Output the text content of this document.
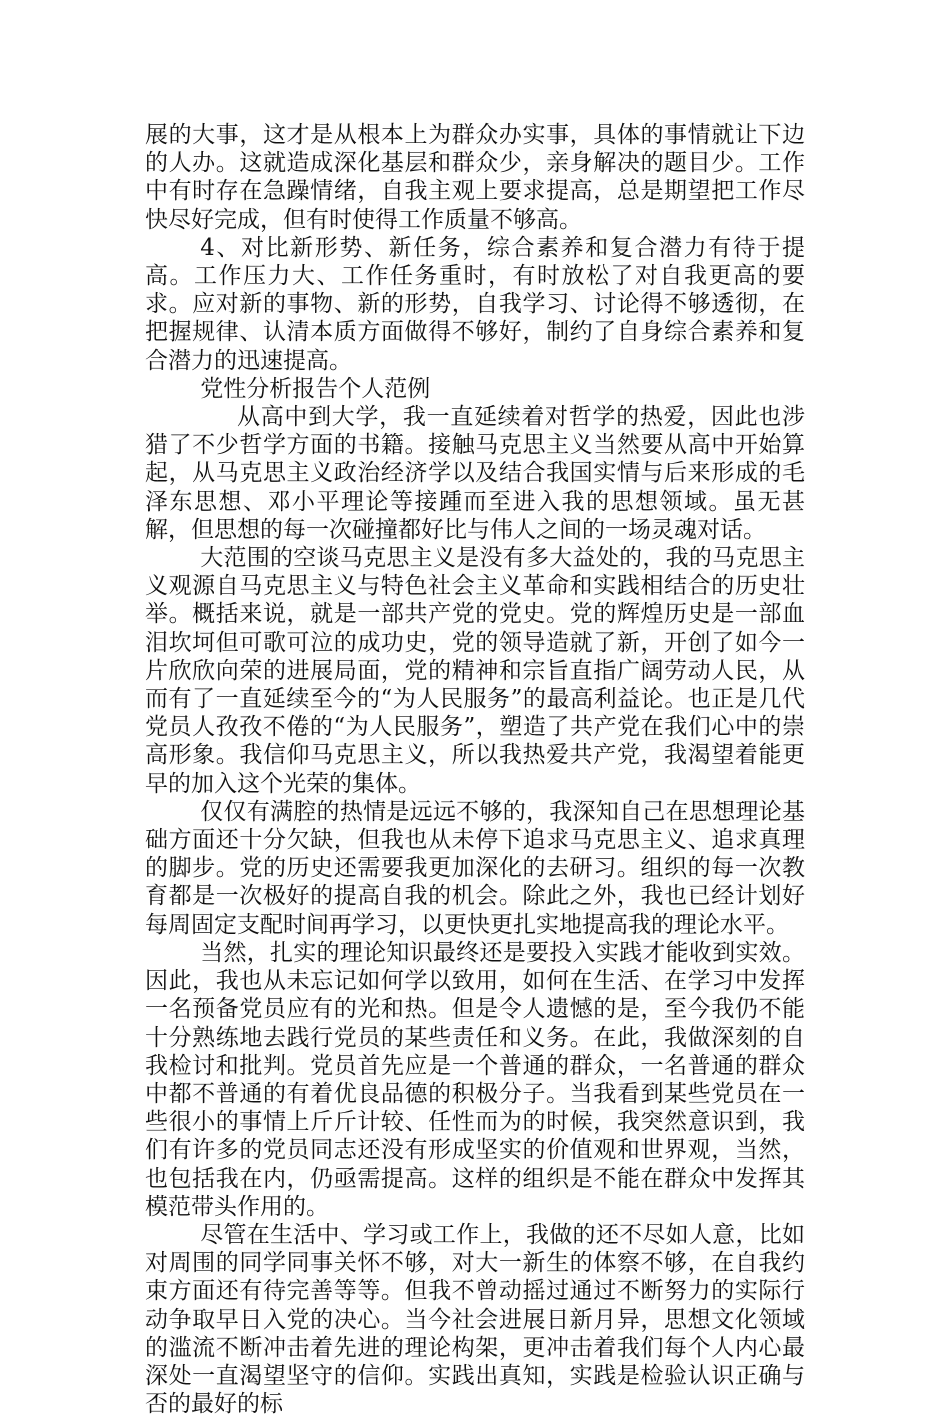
展的大事，这才是从根本上为群众办实事，具体的事情就让下边的人办。这就造成深化基层和群众少，亲身解决的题目少。工作中有时存在急躁情绪，自我主观上要求提高，总是期望把工作尽快尽好完成，但有时使得工作质量不够高。

4、对比新形势、新任务，综合素养和复合潜力有待于提高。工作压力大、工作任务重时，有时放松了对自我更高的要求。应对新的事物、新的形势，自我学习、讨论得不够透彻，在把握规律、认清本质方面做得不够好，制约了自身综合素养和复合潜力的迅速提高。

党性分析报告个人范例

从高中到大学，我一直延续着对哲学的热爱，因此也涉猎了不少哲学方面的书籍。接触马克思主义当然要从高中开始算起，从马克思主义政治经济学以及结合我国实情与后来形成的毛泽东思想、邓小平理论等接踵而至进入我的思想领域。虽无甚解，但思想的每一次碰撞都好比与伟人之间的一场灵魂对话。

大范围的空谈马克思主义是没有多大益处的，我的马克思主义观源自马克思主义与特色社会主义革命和实践相结合的历史壮举。概括来说，就是一部共产党的党史。党的辉煌历史是一部血泪坎坷但可歌可泣的成功史，党的领导造就了新，开创了如今一片欣欣向荣的进展局面，党的精神和宗旨直指广阔劳动人民，从而有了一直延续至今的“为人民服务”的最高利益论。也正是几代党员人孜孜不倦的“为人民服务”，塑造了共产党在我们心中的崇高形象。我信仰马克思主义，所以我热爱共产党，我渴望着能更早的加入这个光荣的集体。

仅仅有满腔的热情是远远不够的，我深知自己在思想理论基础方面还十分欠缺，但我也从未停下追求马克思主义、追求真理的脚步。党的历史还需要我更加深化的去研习。组织的每一次教育都是一次极好的提高自我的机会。除此之外，我也已经计划好每周固定支配时间再学习，以更快更扎实地提高我的理论水平。

当然，扎实的理论知识最终还是要投入实践才能收到实效。因此，我也从未忘记如何学以致用，如何在生活、在学习中发挥一名预备党员应有的光和热。但是令人遗憾的是，至今我仍不能十分熟练地去践行党员的某些责任和义务。在此，我做深刻的自我检讨和批判。党员首先应是一个普通的群众，一名普通的群众中都不普通的有着优良品德的积极分子。当我看到某些党员在一些很小的事情上斤斤计较、任性而为的时候，我突然意识到，我们有许多的党员同志还没有形成坚实的价值观和世界观，当然，也包括我在内，仍亟需提高。这样的组织是不能在群众中发挥其模范带头作用的。

尽管在生活中、学习或工作上，我做的还不尽如人意，比如对周围的同学同事关怀不够，对大一新生的体察不够，在自我约束方面还有待完善等等。但我不曾动摇过通过不断努力的实际行动争取早日入党的决心。当今社会进展日新月异，思想文化领域的滥流不断冲击着先进的理论构架，更冲击着我们每个人内心最深处一直渴望坚守的信仰。实践出真知，实践是检验认识正确与否的最好的标
